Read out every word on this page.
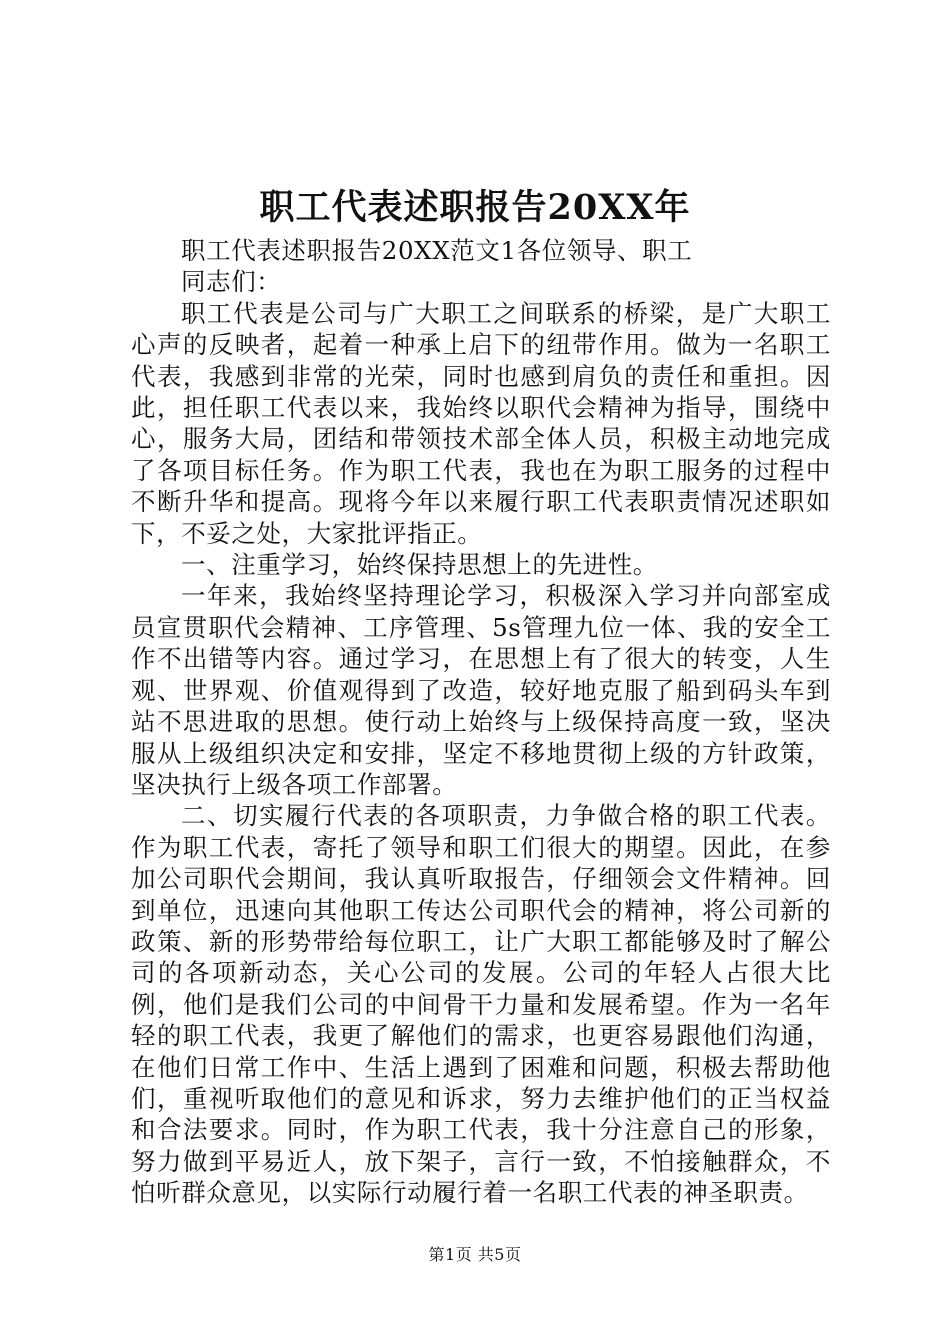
职工代表述职报告20XX年

职工代表述职报告20XX范文1各位领导、职工
同志们：

职工代表是公司与广大职工之间联系的桥梁，是广大职工心声的反映者，起着一种承上启下的纽带作用。做为一名职工代表，我感到非常的光荣，同时也感到肩负的责任和重担。因此，担任职工代表以来，我始终以职代会精神为指导，围绕中心，服务大局，团结和带领技术部全体人员，积极主动地完成了各项目标任务。作为职工代表，我也在为职工服务的过程中不断升华和提高。现将今年以来履行职工代表职责情况述职如下，不妥之处，大家批评指正。

一、注重学习，始终保持思想上的先进性。

一年来，我始终坚持理论学习，积极深入学习并向部室成员宣贯职代会精神、工序管理、5s管理九位一体、我的安全工作不出错等内容。通过学习，在思想上有了很大的转变，人生观、世界观、价值观得到了改造，较好地克服了船到码头车到站不思进取的思想。使行动上始终与上级保持高度一致，坚决服从上级组织决定和安排，坚定不移地贯彻上级的方针政策，坚决执行上级各项工作部署。

二、切实履行代表的各项职责，力争做合格的职工代表。作为职工代表，寄托了领导和职工们很大的期望。因此，在参加公司职代会期间，我认真听取报告，仔细领会文件精神。回到单位，迅速向其他职工传达公司职代会的精神，将公司新的政策、新的形势带给每位职工，让广大职工都能够及时了解公司的各项新动态，关心公司的发展。公司的年轻人占很大比例，他们是我们公司的中间骨干力量和发展希望。作为一名年轻的职工代表，我更了解他们的需求，也更容易跟他们沟通，在他们日常工作中、生活上遇到了困难和问题，积极去帮助他们，重视听取他们的意见和诉求，努力去维护他们的正当权益和合法要求。同时，作为职工代表，我十分注意自己的形象，努力做到平易近人，放下架子，言行一致，不怕接触群众，不怕听群众意见，以实际行动履行着一名职工代表的神圣职责。

第1页 共5页
